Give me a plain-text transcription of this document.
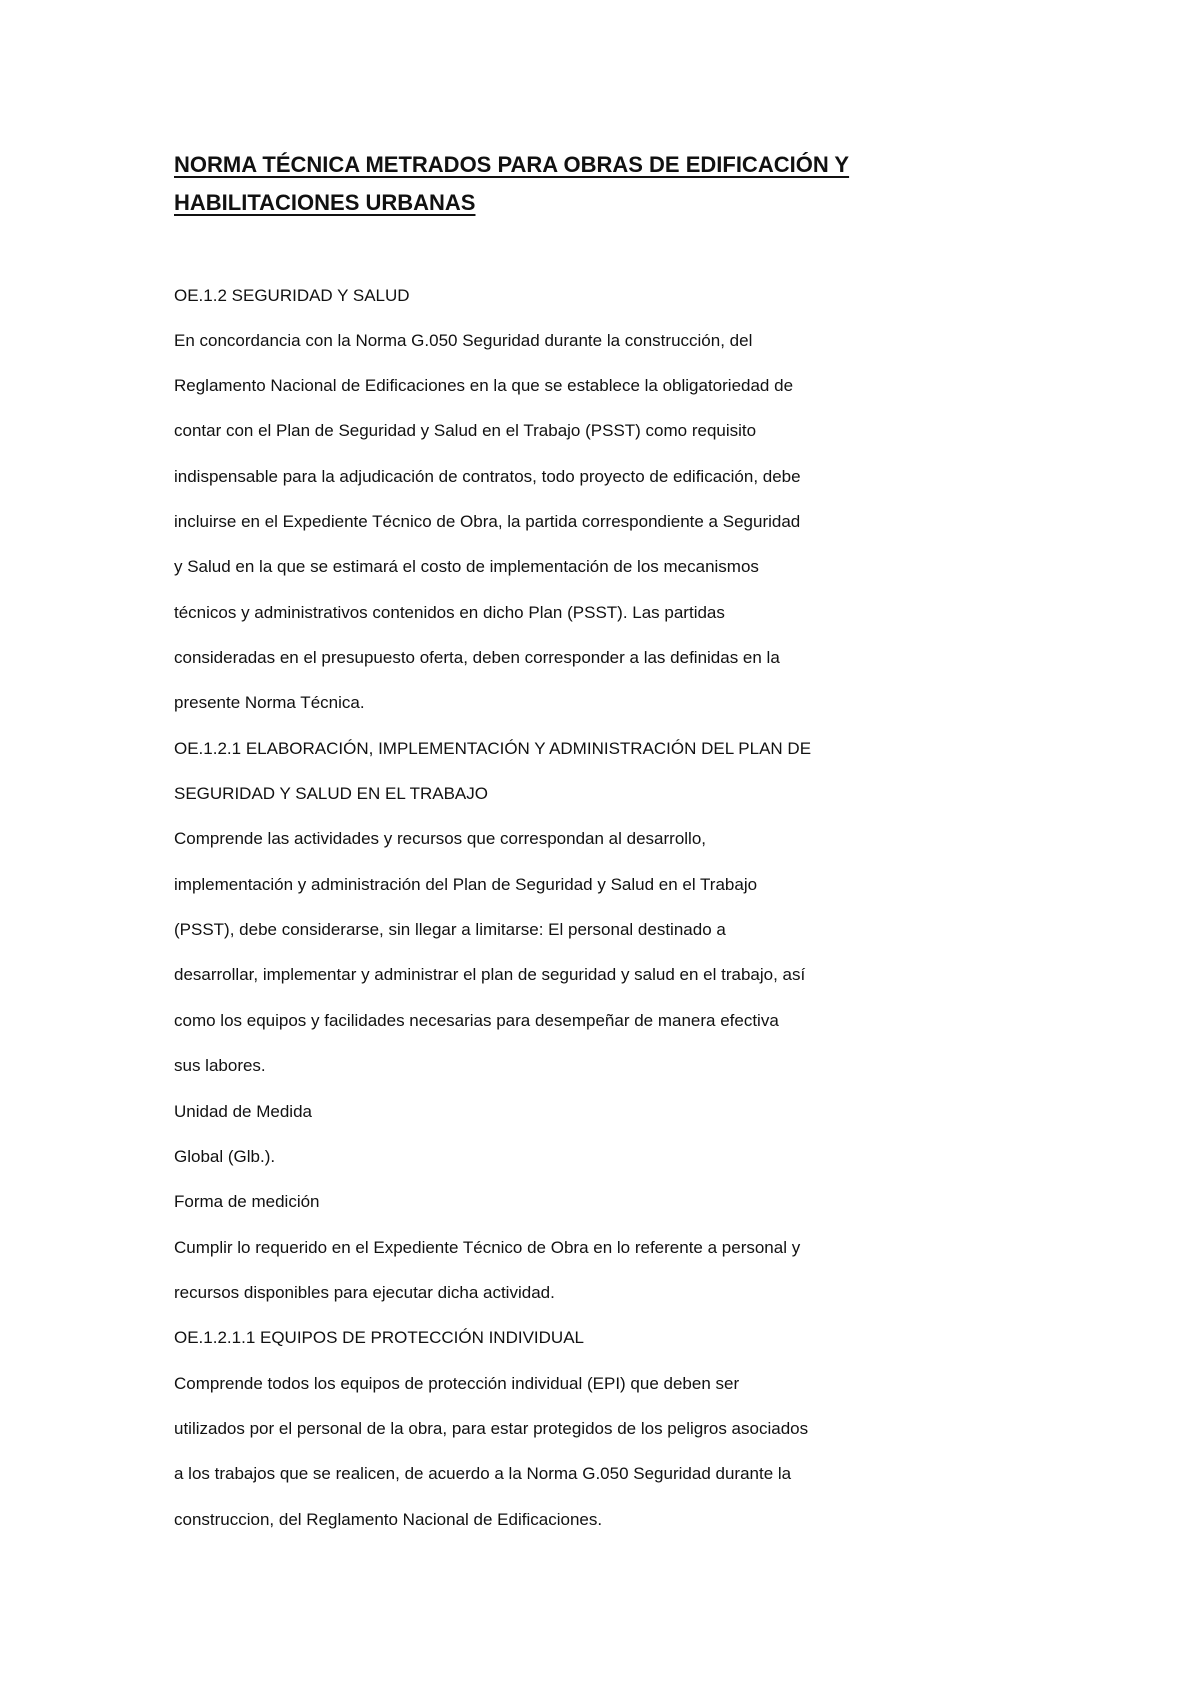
NORMA TÉCNICA METRADOS PARA OBRAS DE EDIFICACIÓN Y
HABILITACIONES URBANAS

OE.1.2 SEGURIDAD Y SALUD

En concordancia con la Norma G.050 Seguridad durante la construcción, del

Reglamento Nacional de Edificaciones en la que se establece la obligatoriedad de

contar con el Plan de Seguridad y Salud en el Trabajo (PSST) como requisito

indispensable para la adjudicación de contratos, todo proyecto de edificación, debe

incluirse en el Expediente Técnico de Obra, la partida correspondiente a Seguridad

y Salud en la que se estimará el costo de implementación de los mecanismos

técnicos y administrativos contenidos en dicho Plan (PSST). Las partidas

consideradas en el presupuesto oferta, deben corresponder a las definidas en la

presente Norma Técnica.

OE.1.2.1 ELABORACIÓN, IMPLEMENTACIÓN Y ADMINISTRACIÓN DEL PLAN DE

SEGURIDAD Y SALUD EN EL TRABAJO

Comprende las actividades y recursos que correspondan al desarrollo,

implementación y administración del Plan de Seguridad y Salud en el Trabajo

(PSST), debe considerarse, sin llegar a limitarse: El personal destinado a

desarrollar, implementar y administrar el plan de seguridad y salud en el trabajo, así

como los equipos y facilidades necesarias para desempeñar de manera efectiva

sus labores.

Unidad de Medida

Global (Glb.).

Forma de medición

Cumplir lo requerido en el Expediente Técnico de Obra en lo referente a personal y

recursos disponibles para ejecutar dicha actividad.

OE.1.2.1.1 EQUIPOS DE PROTECCIÓN INDIVIDUAL

Comprende todos los equipos de protección individual (EPI) que deben ser

utilizados por el personal de la obra, para estar protegidos de los peligros asociados

a los trabajos que se realicen, de acuerdo a la Norma G.050 Seguridad durante la

construccion, del Reglamento Nacional de Edificaciones.
